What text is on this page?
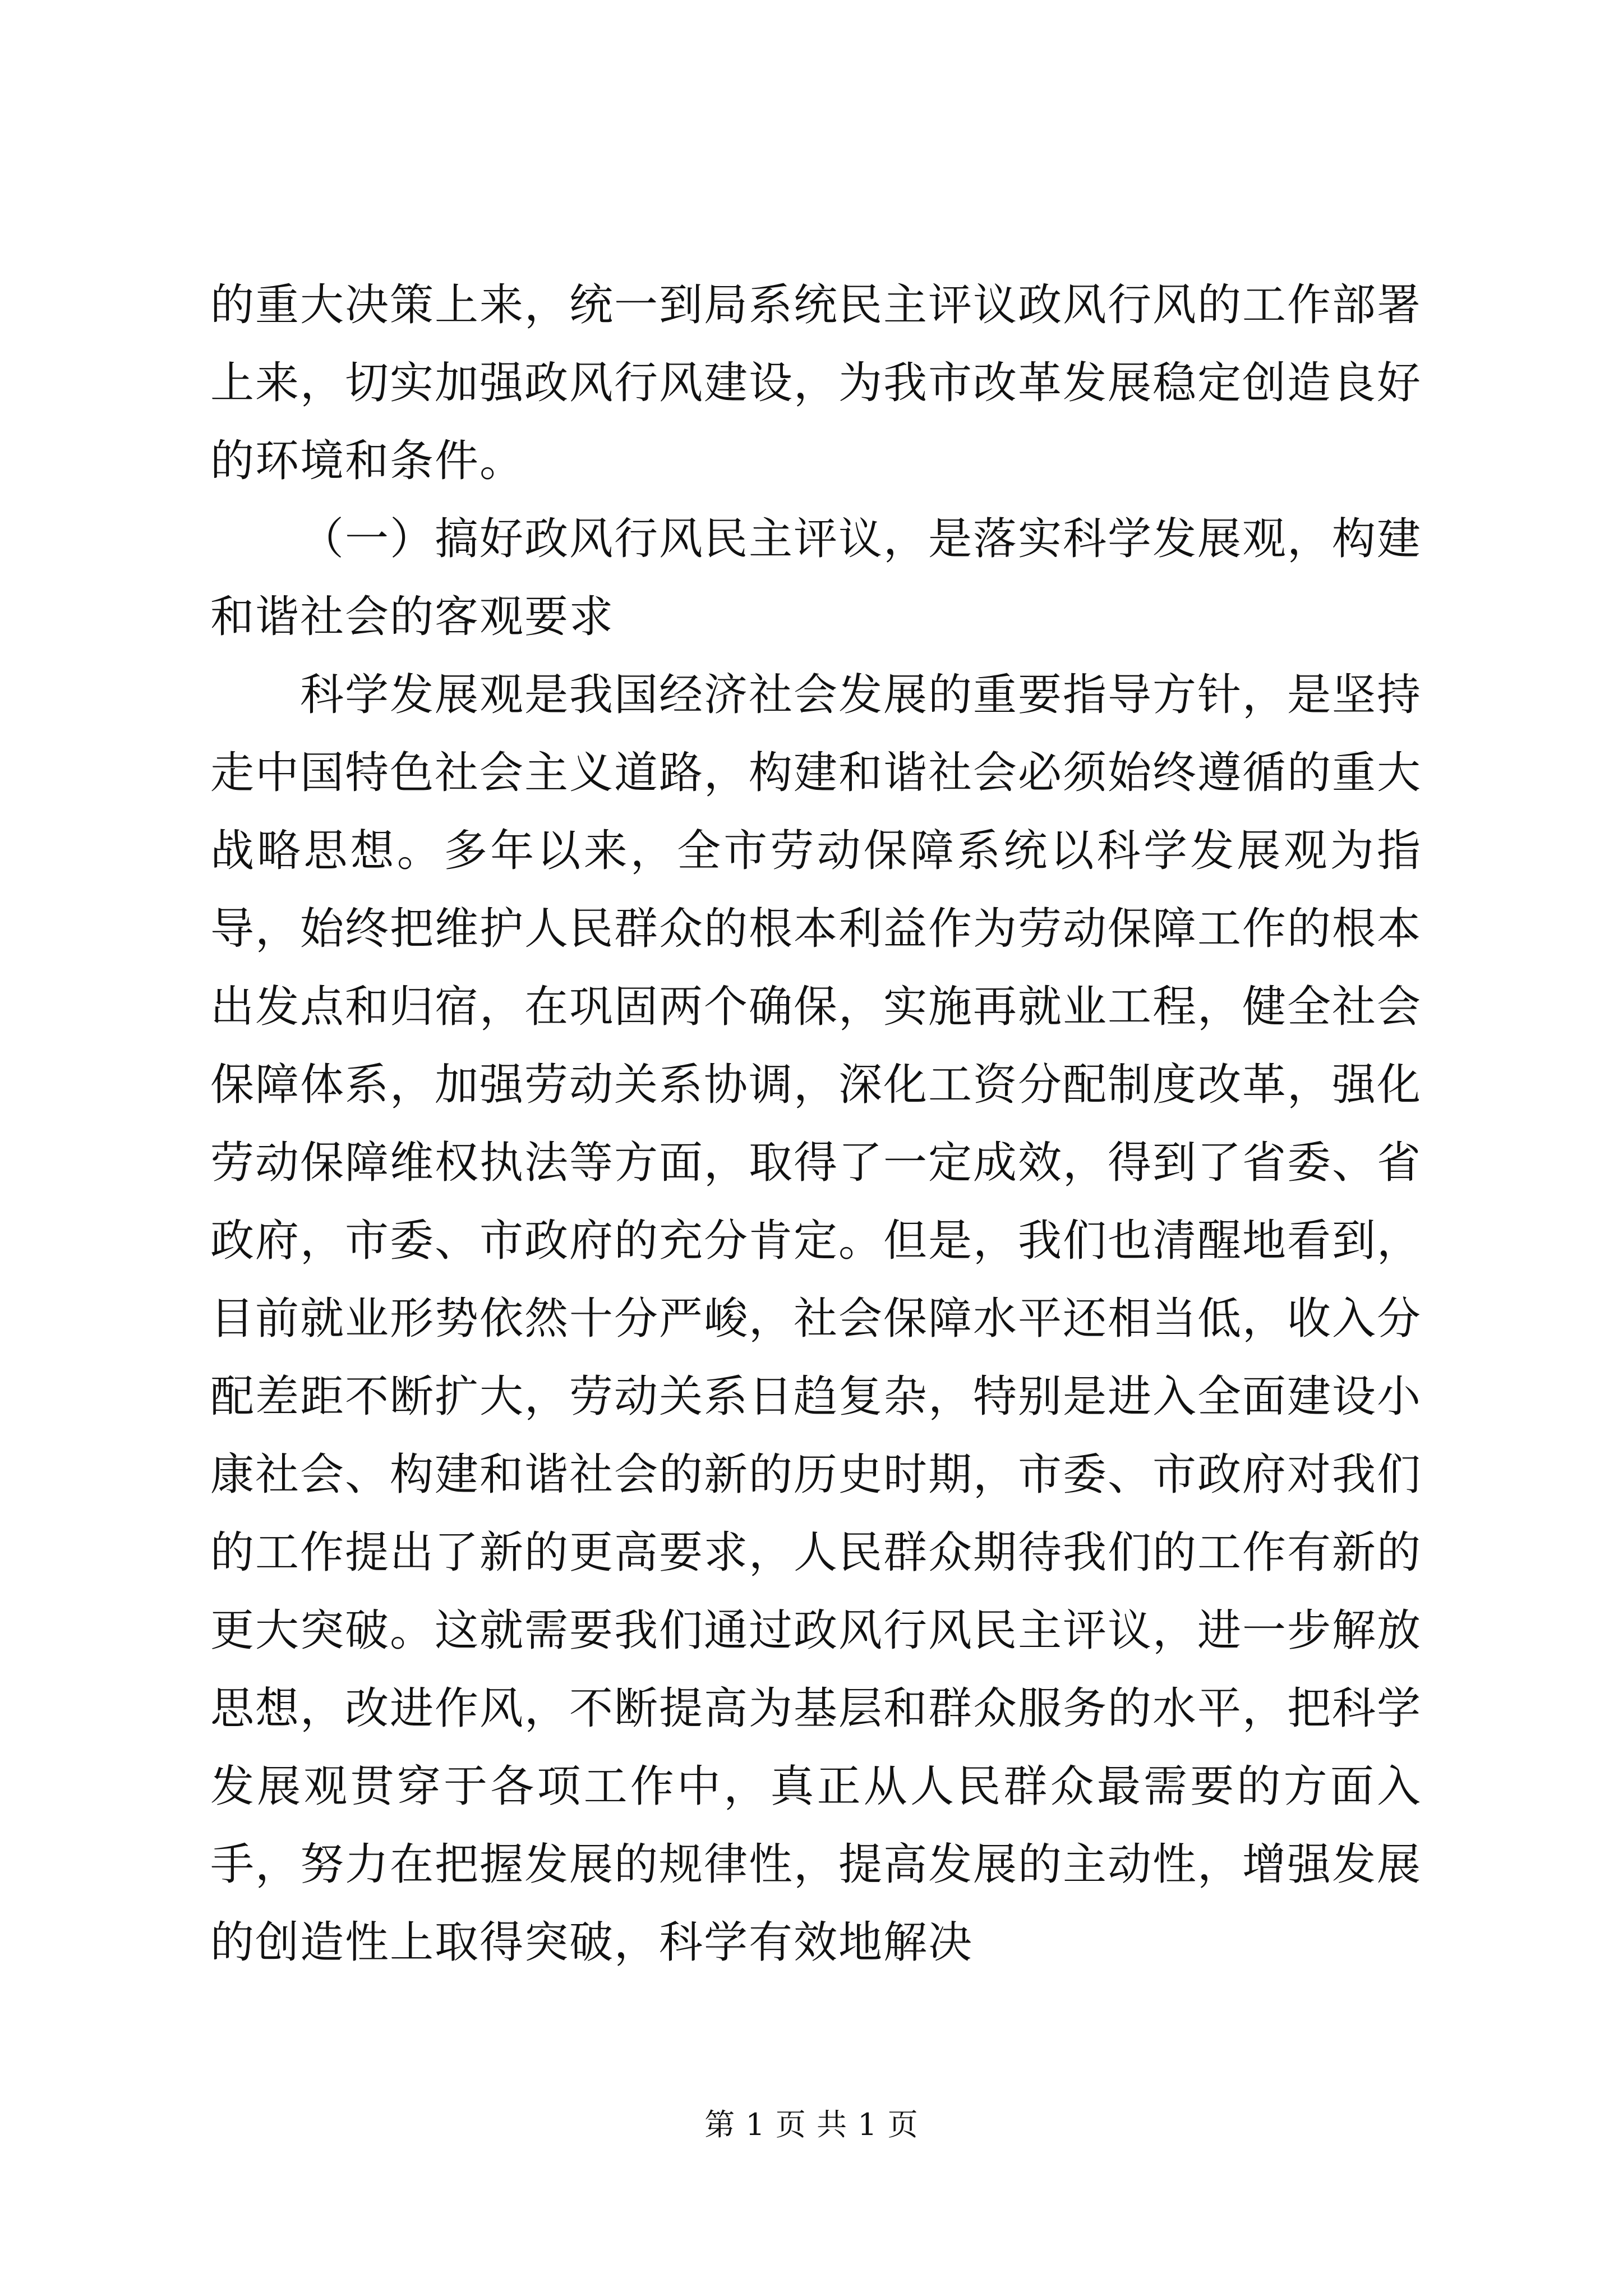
的重大决策上来，统一到局系统民主评议政风行风的工作部署上来，切实加强政风行风建设，为我市改革发展稳定创造良好的环境和条件。

（一）搞好政风行风民主评议，是落实科学发展观，构建和谐社会的客观要求

科学发展观是我国经济社会发展的重要指导方针，是坚持走中国特色社会主义道路，构建和谐社会必须始终遵循的重大战略思想。多年以来，全市劳动保障系统以科学发展观为指导，始终把维护人民群众的根本利益作为劳动保障工作的根本出发点和归宿，在巩固两个确保，实施再就业工程，健全社会保障体系，加强劳动关系协调，深化工资分配制度改革，强化劳动保障维权执法等方面，取得了一定成效，得到了省委、省政府，市委、市政府的充分肯定。但是，我们也清醒地看到，目前就业形势依然十分严峻，社会保障水平还相当低，收入分配差距不断扩大，劳动关系日趋复杂，特别是进入全面建设小康社会、构建和谐社会的新的历史时期，市委、市政府对我们的工作提出了新的更高要求，人民群众期待我们的工作有新的更大突破。这就需要我们通过政风行风民主评议，进一步解放思想，改进作风，不断提高为基层和群众服务的水平，把科学发展观贯穿于各项工作中，真正从人民群众最需要的方面入手，努力在把握发展的规律性，提高发展的主动性，增强发展的创造性上取得突破，科学有效地解决

第 1 页 共 1 页
